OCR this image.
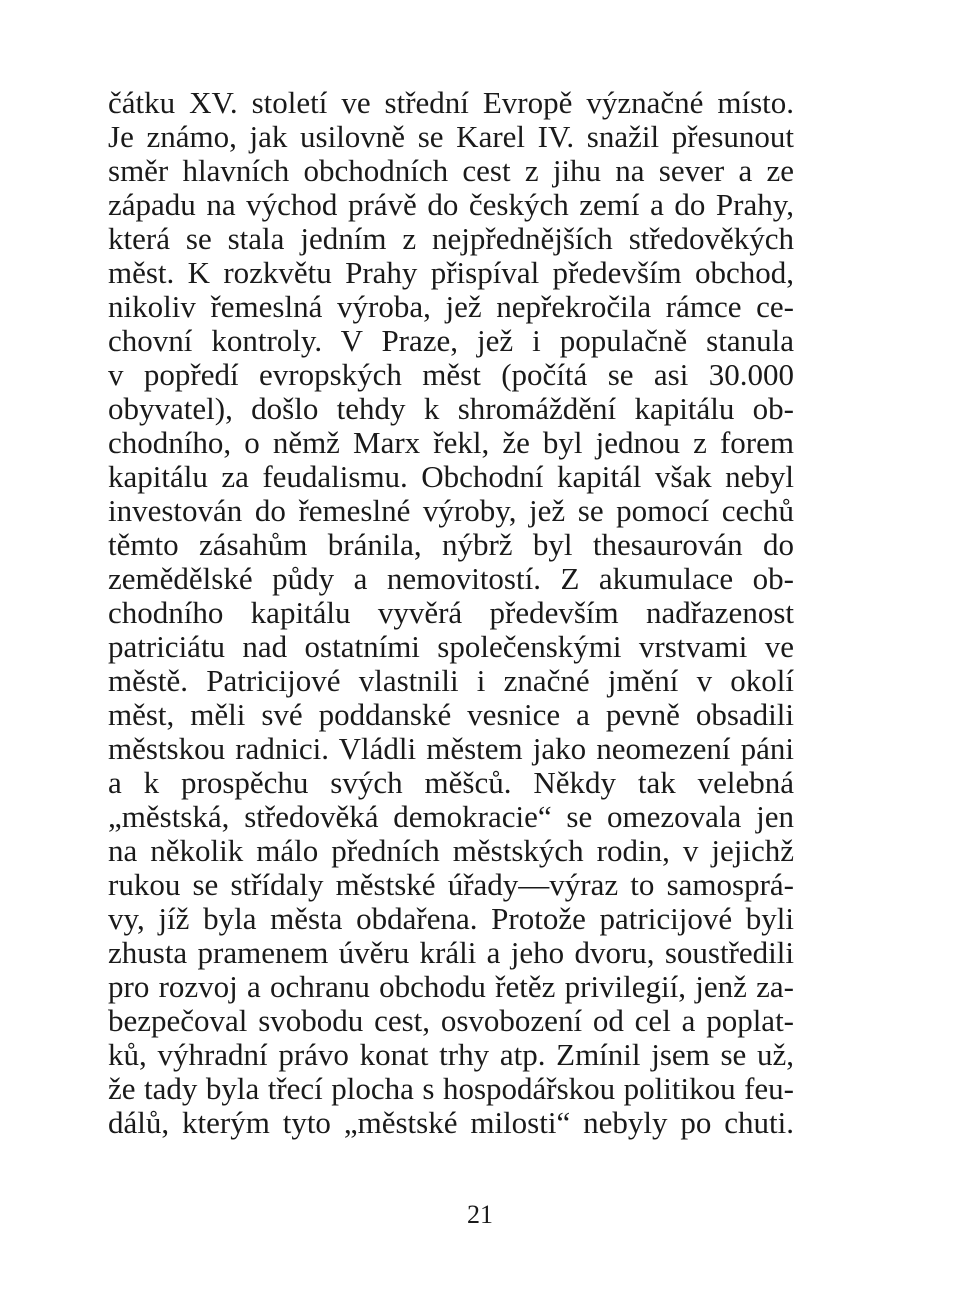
čátku XV. století ve střední Evropě význačné místo.
Je známo, jak usilovně se Karel IV. snažil přesunout
směr hlavních obchodních cest z jihu na sever a ze
západu na východ právě do českých zemí a do Prahy,
která se stala jedním z nejpřednějších středověkých
měst. K rozkvětu Prahy přispíval především obchod,
nikoliv řemeslná výroba, jež nepřekročila rámce ce-
chovní kontroly. V Praze, jež i populačně stanula
v popředí evropských měst (počítá se asi 30.000
obyvatel), došlo tehdy k shromáždění kapitálu ob-
chodního, o němž Marx řekl, že byl jednou z forem
kapitálu za feudalismu. Obchodní kapitál však nebyl
investován do řemeslné výroby, jež se pomocí cechů
těmto zásahům bránila, nýbrž byl thesaurován do
zemědělské půdy a nemovitostí. Z akumulace ob-
chodního kapitálu vyvěrá především nadřazenost
patriciátu nad ostatními společenskými vrstvami ve
městě. Patricijové vlastnili i značné jmění v okolí
měst, měli své poddanské vesnice a pevně obsadili
městskou radnici. Vládli městem jako neomezení páni
a k prospěchu svých měšců. Někdy tak velebná
„městská, středověká demokracie“ se omezovala jen
na několik málo předních městských rodin, v jejichž
rukou se střídaly městské úřady—výraz to samosprá-
vy, jíž byla města obdařena. Protože patricijové byli
zhusta pramenem úvěru králi a jeho dvoru, soustředili
pro rozvoj a ochranu obchodu řetěz privilegií, jenž za-
bezpečoval svobodu cest, osvobození od cel a poplat-
ků, výhradní právo konat trhy atp. Zmínil jsem se už,
že tady byla třecí plocha s hospodářskou politikou feu-
dálů, kterým tyto „městské milosti“ nebyly po chuti.
21
